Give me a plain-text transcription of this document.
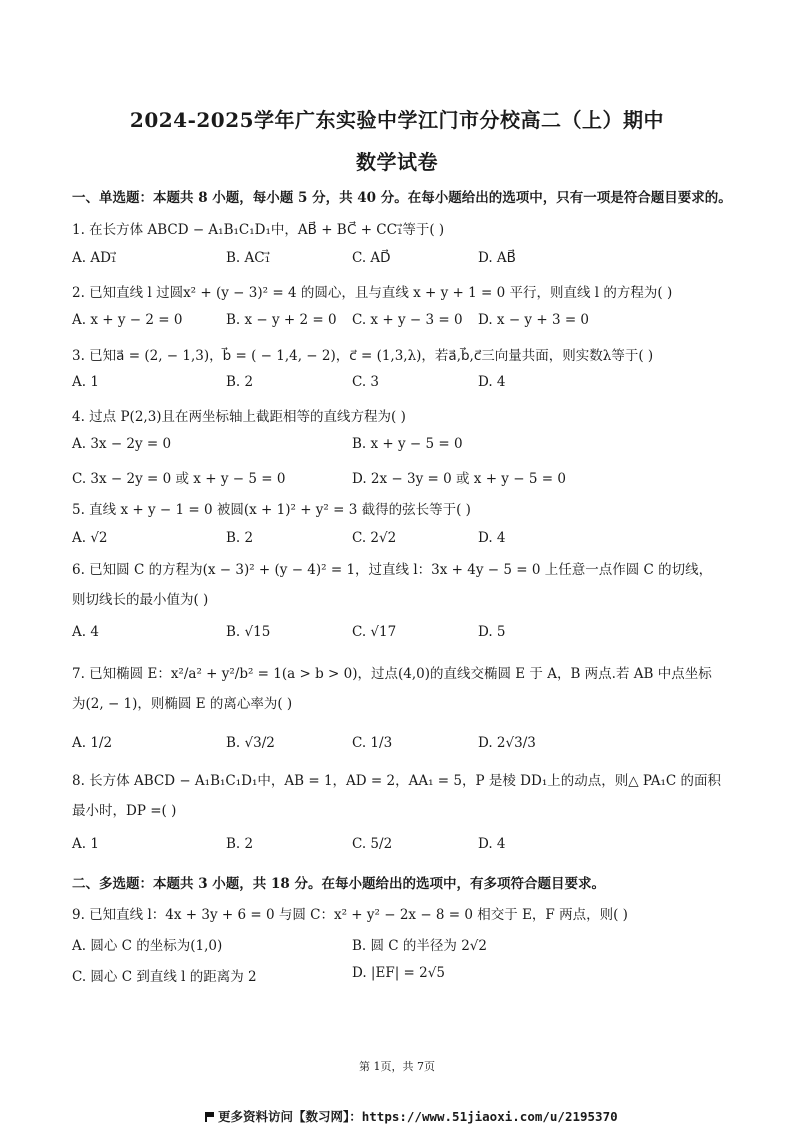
2024-2025学年广东实验中学江门市分校高二（上）期中
数学试卷
一、单选题：本题共 8 小题，每小题 5 分，共 40 分。在每小题给出的选项中，只有一项是符合题目要求的。
1. 在长方体 ABCD − A₁B₁C₁D₁中，AB⃗ + BC⃗ + CC₁⃗等于( )
A. AD₁⃗	B. AC₁⃗	C. AD⃗	D. AB⃗
2. 已知直线 l 过圆x² + (y − 3)² = 4 的圆心，且与直线 x + y + 1 = 0 平行，则直线 l 的方程为( )
A. x + y − 2 = 0	B. x − y + 2 = 0 C. x + y − 3 = 0 D. x − y + 3 = 0
3. 已知a⃗ = (2, − 1,3)，b⃗ = ( − 1,4, − 2)，c⃗ = (1,3,λ)，若a⃗,b⃗,c⃗三向量共面，则实数λ等于( )
A. 1	B. 2	C. 3	D. 4
4. 过点 P(2,3)且在两坐标轴上截距相等的直线方程为( )
A. 3x − 2y = 0	B. x + y − 5 = 0
C. 3x − 2y = 0 或 x + y − 5 = 0	D. 2x − 3y = 0 或 x + y − 5 = 0
5. 直线 x + y − 1 = 0 被圆(x + 1)² + y² = 3 截得的弦长等于( )
A. √2	B. 2	C. 2√2	D. 4
6. 已知圆 C 的方程为(x − 3)² + (y − 4)² = 1，过直线 l：3x + 4y − 5 = 0 上任意一点作圆 C 的切线，则切线长的最小值为( )
A. 4	B. √15	C. √17	D. 5
7. 已知椭圆 E：x²/a² + y²/b² = 1(a > b > 0)，过点(4,0)的直线交椭圆 E 于 A，B 两点.若 AB 中点坐标为(2, − 1)，则椭圆 E 的离心率为( )
A. 1/2	B. √3/2	C. 1/3	D. 2√3/3
8. 长方体 ABCD − A₁B₁C₁D₁中，AB = 1，AD = 2，AA₁ = 5，P 是棱 DD₁上的动点，则△ PA₁C 的面积最小时，DP =( )
A. 1	B. 2	C. 5/2	D. 4
二、多选题：本题共 3 小题，共 18 分。在每小题给出的选项中，有多项符合题目要求。
9. 已知直线 l：4x + 3y + 6 = 0 与圆 C：x² + y² − 2x − 8 = 0 相交于 E，F 两点，则( )
A. 圆心 C 的坐标为(1,0)	B. 圆 C 的半径为 2√2
C. 圆心 C 到直线 l 的距离为 2	D. |EF| = 2√5
第 1页，共 7页
更多资料访问【数习网】：https://www.51jiaoxi.com/u/2195370
